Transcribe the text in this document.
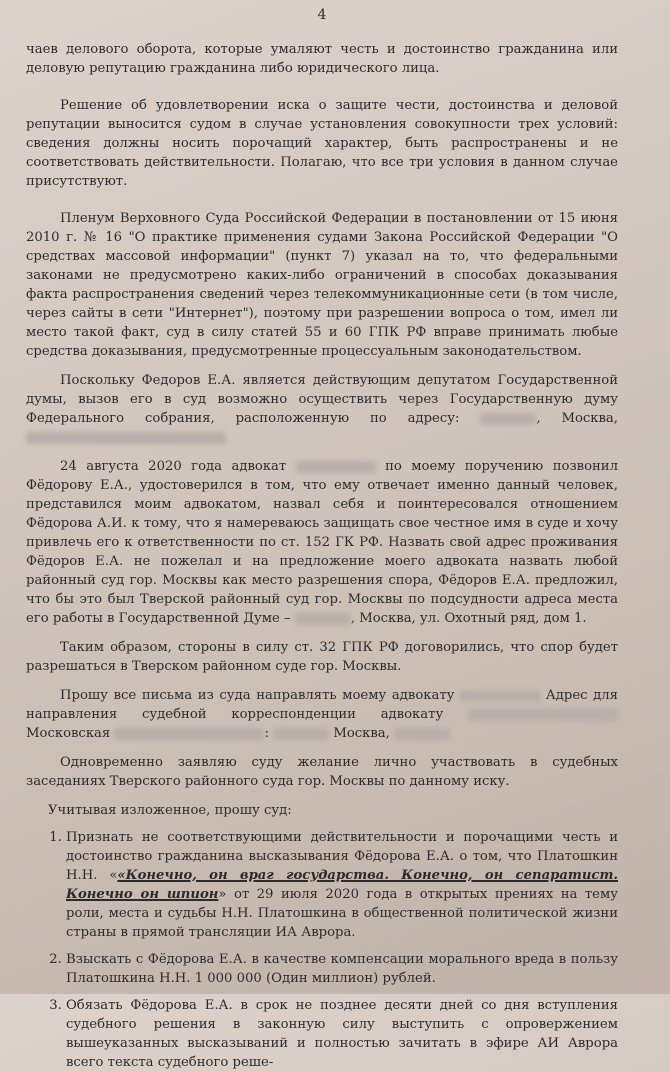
4

чаев делового оборота, которые умаляют честь и достоинство гражданина или деловую репутацию гражданина либо юридического лица.

Решение об удовлетворении иска о защите чести, достоинства и деловой репутации выносится судом в случае установления совокупности трех условий: сведения должны носить порочащий характер, быть распространены и не соответствовать действительности. Полагаю, что все три условия в данном случае присутствуют.

Пленум Верховного Суда Российской Федерации в постановлении от 15 июня 2010 г. № 16 "О практике применения судами Закона Российской Федерации "О средствах массовой информации" (пункт 7) указал на то, что федеральными законами не предусмотрено каких-либо ограничений в способах доказывания факта распространения сведений через телекоммуникационные сети (в том числе, через сайты в сети "Интернет"), поэтому при разрешении вопроса о том, имел ли место такой факт, суд в силу статей 55 и 60 ГПК РФ вправе принимать любые средства доказывания, предусмотренные процессуальным законодательством.

Поскольку Федоров Е.А. является действующим депутатом Государственной думы, вызов его в суд возможно осуществить через Государственную думу Федерального собрания, расположенную по адресу:	, Москва,

24 августа 2020 года адвокат	по моему поручению позвонил Фёдорову Е.А., удостоверился в том, что ему отвечает именно данный человек, представился моим адвокатом, назвал себя и поинтересовался отношением Фёдорова А.И. к тому, что я намереваюсь защищать свое честное имя в суде и хочу привлечь его к ответственности по ст. 152 ГК РФ. Назвать свой адрес проживания Фёдоров Е.А. не пожелал и на предложение моего адвоката назвать любой районный суд гор. Москвы как место разрешения спора, Фёдоров Е.А. предложил, что бы это был Тверской районный суд гор. Москвы по подсудности адреса места его работы в Государственной Думе –	, Москва, ул. Охотный ряд, дом 1.

Таким образом, стороны в силу ст. 32 ГПК РФ договорились, что спор будет разрешаться в Тверском районном суде гор. Москвы.

Прошу все письма из суда направлять моему адвокату	Адрес для направления судебной корреспонденции адвокату  Московская	:	Москва,

Одновременно заявляю суду желание лично участвовать в судебных заседаниях Тверского районного суда гор. Москвы по данному иску.

Учитывая изложенное, прошу суд:

1. Признать не соответствующими действительности и порочащими честь и достоинство гражданина высказывания Фёдорова Е.А. о том, что Платошкин Н.Н. ««Конечно, он враг государства. Конечно, он сепаратист. Конечно он шпион» от 29 июля 2020 года в открытых прениях на тему роли, места и судьбы Н.Н. Платошкина в общественной политической жизни страны в прямой трансляции ИА Аврора.
2. Взыскать с Фёдорова Е.А. в качестве компенсации морального вреда в пользу Платошкина Н.Н. 1 000 000 (Один миллион) рублей.
3. Обязать Фёдорова Е.А. в срок не позднее десяти дней со дня вступления судебного решения в законную силу выступить с опровержением вышеуказанных высказываний и полностью зачитать в эфире АИ Аврора всего текста судебного реше-
